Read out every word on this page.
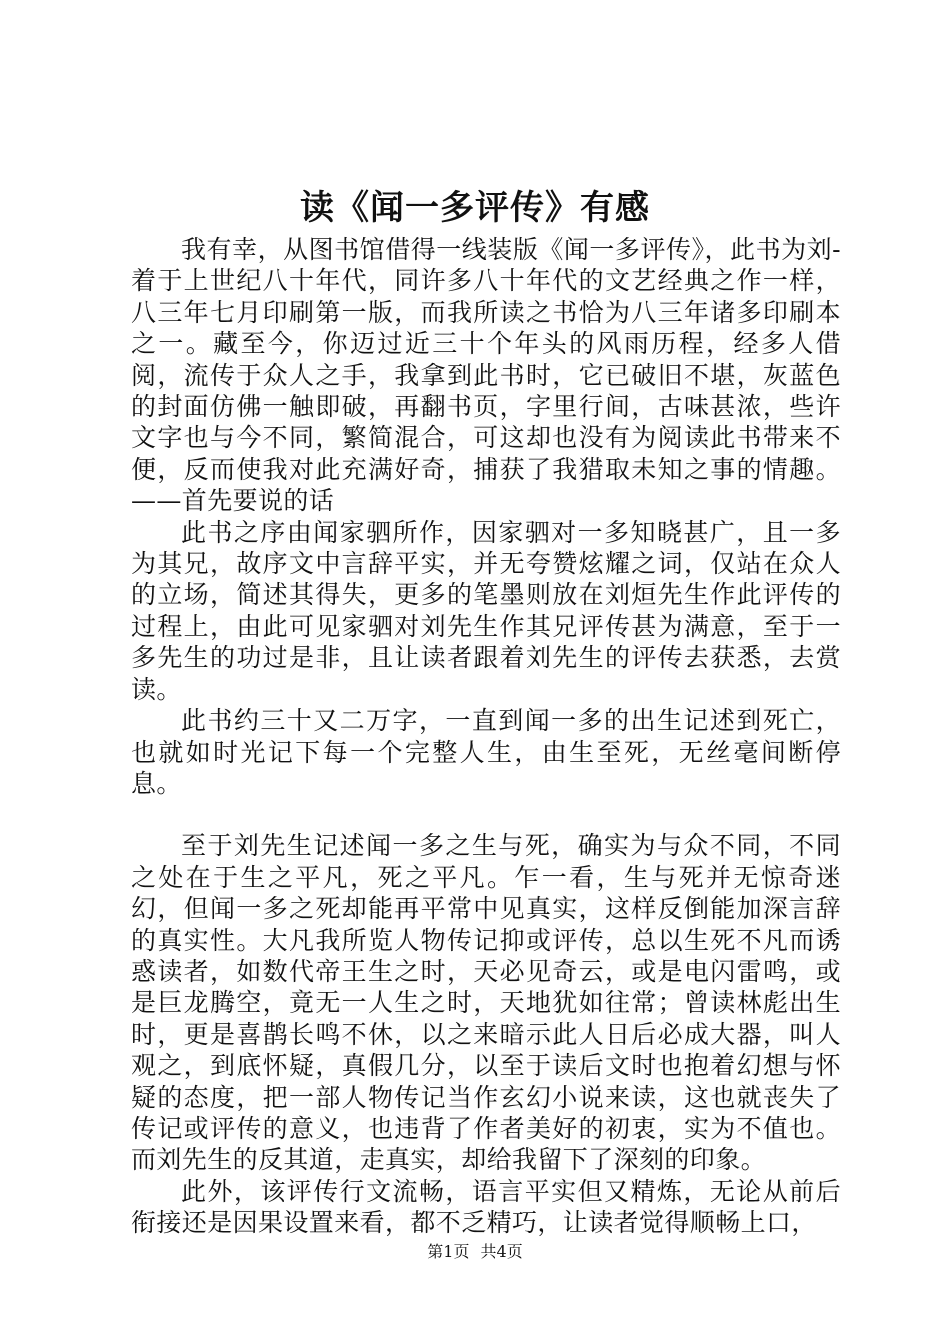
读《闻一多评传》有感

我有幸，从图书馆借得一线装版《闻一多评传》，此书为刘-着于上世纪八十年代，同许多八十年代的文艺经典之作一样，八三年七月印刷第一版，而我所读之书恰为八三年诸多印刷本之一。藏至今，你迈过近三十个年头的风雨历程，经多人借阅，流传于众人之手，我拿到此书时，它已破旧不堪，灰蓝色的封面仿佛一触即破，再翻书页，字里行间，古味甚浓，些许文字也与今不同，繁简混合，可这却也没有为阅读此书带来不便，反而使我对此充满好奇，捕获了我猎取未知之事的情趣。——首先要说的话

此书之序由闻家驷所作，因家驷对一多知晓甚广，且一多为其兄，故序文中言辞平实，并无夸赞炫耀之词，仅站在众人的立场，简述其得失，更多的笔墨则放在刘烜先生作此评传的过程上，由此可见家驷对刘先生作其兄评传甚为满意，至于一多先生的功过是非，且让读者跟着刘先生的评传去获悉，去赏读。

此书约三十又二万字，一直到闻一多的出生记述到死亡，也就如时光记下每一个完整人生，由生至死，无丝毫间断停息。

至于刘先生记述闻一多之生与死，确实为与众不同，不同之处在于生之平凡，死之平凡。乍一看，生与死并无惊奇迷幻，但闻一多之死却能再平常中见真实，这样反倒能加深言辞的真实性。大凡我所览人物传记抑或评传，总以生死不凡而诱惑读者，如数代帝王生之时，天必见奇云，或是电闪雷鸣，或是巨龙腾空，竟无一人生之时，天地犹如往常；曾读林彪出生时，更是喜鹊长鸣不休，以之来暗示此人日后必成大器，叫人观之，到底怀疑，真假几分，以至于读后文时也抱着幻想与怀疑的态度，把一部人物传记当作玄幻小说来读，这也就丧失了传记或评传的意义，也违背了作者美好的初衷，实为不值也。而刘先生的反其道，走真实，却给我留下了深刻的印象。

此外，该评传行文流畅，语言平实但又精炼，无论从前后衔接还是因果设置来看，都不乏精巧，让读者觉得顺畅上口，

第1页 共4页
